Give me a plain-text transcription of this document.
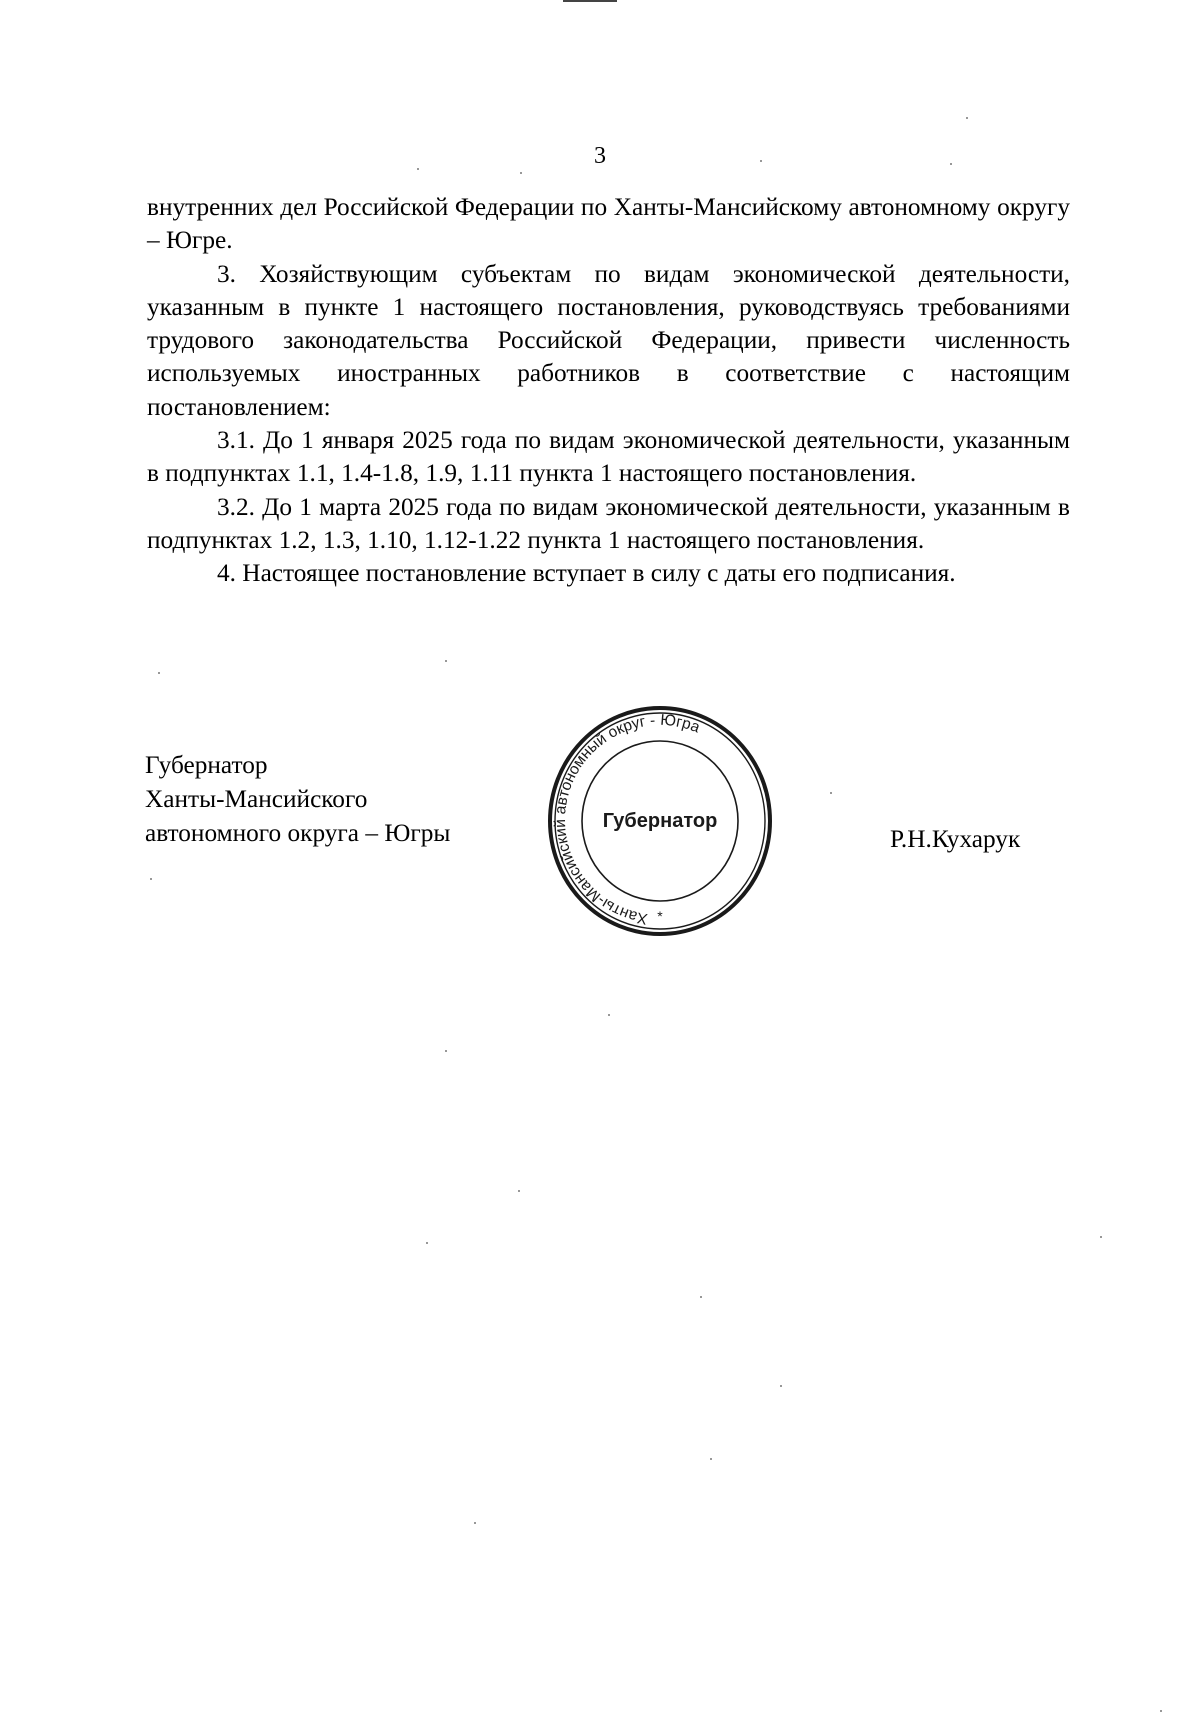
3

внутренних дел Российской Федерации по Ханты-Мансийскому автономному округу – Югре.

3. Хозяйствующим субъектам по видам экономической деятельности, указанным в пункте 1 настоящего постановления, руководствуясь требованиями трудового законодательства Российской Федерации, привести численность используемых иностранных работников в соответствие с настоящим постановлением:

3.1. До 1 января 2025 года по видам экономической деятельности, указанным в подпунктах 1.1, 1.4-1.8, 1.9, 1.11 пункта 1 настоящего постановления.

3.2. До 1 марта 2025 года по видам экономической деятельности, указанным в подпунктах 1.2, 1.3, 1.10, 1.12-1.22 пункта 1 настоящего постановления.

4. Настоящее постановление вступает в силу с даты его подписания.

Губернатор
Ханты-Мансийского
автономного округа – Югры
Ханты-Мансийский автономный округ - Югра
Губернатор
*
Р.Н.Кухарук
